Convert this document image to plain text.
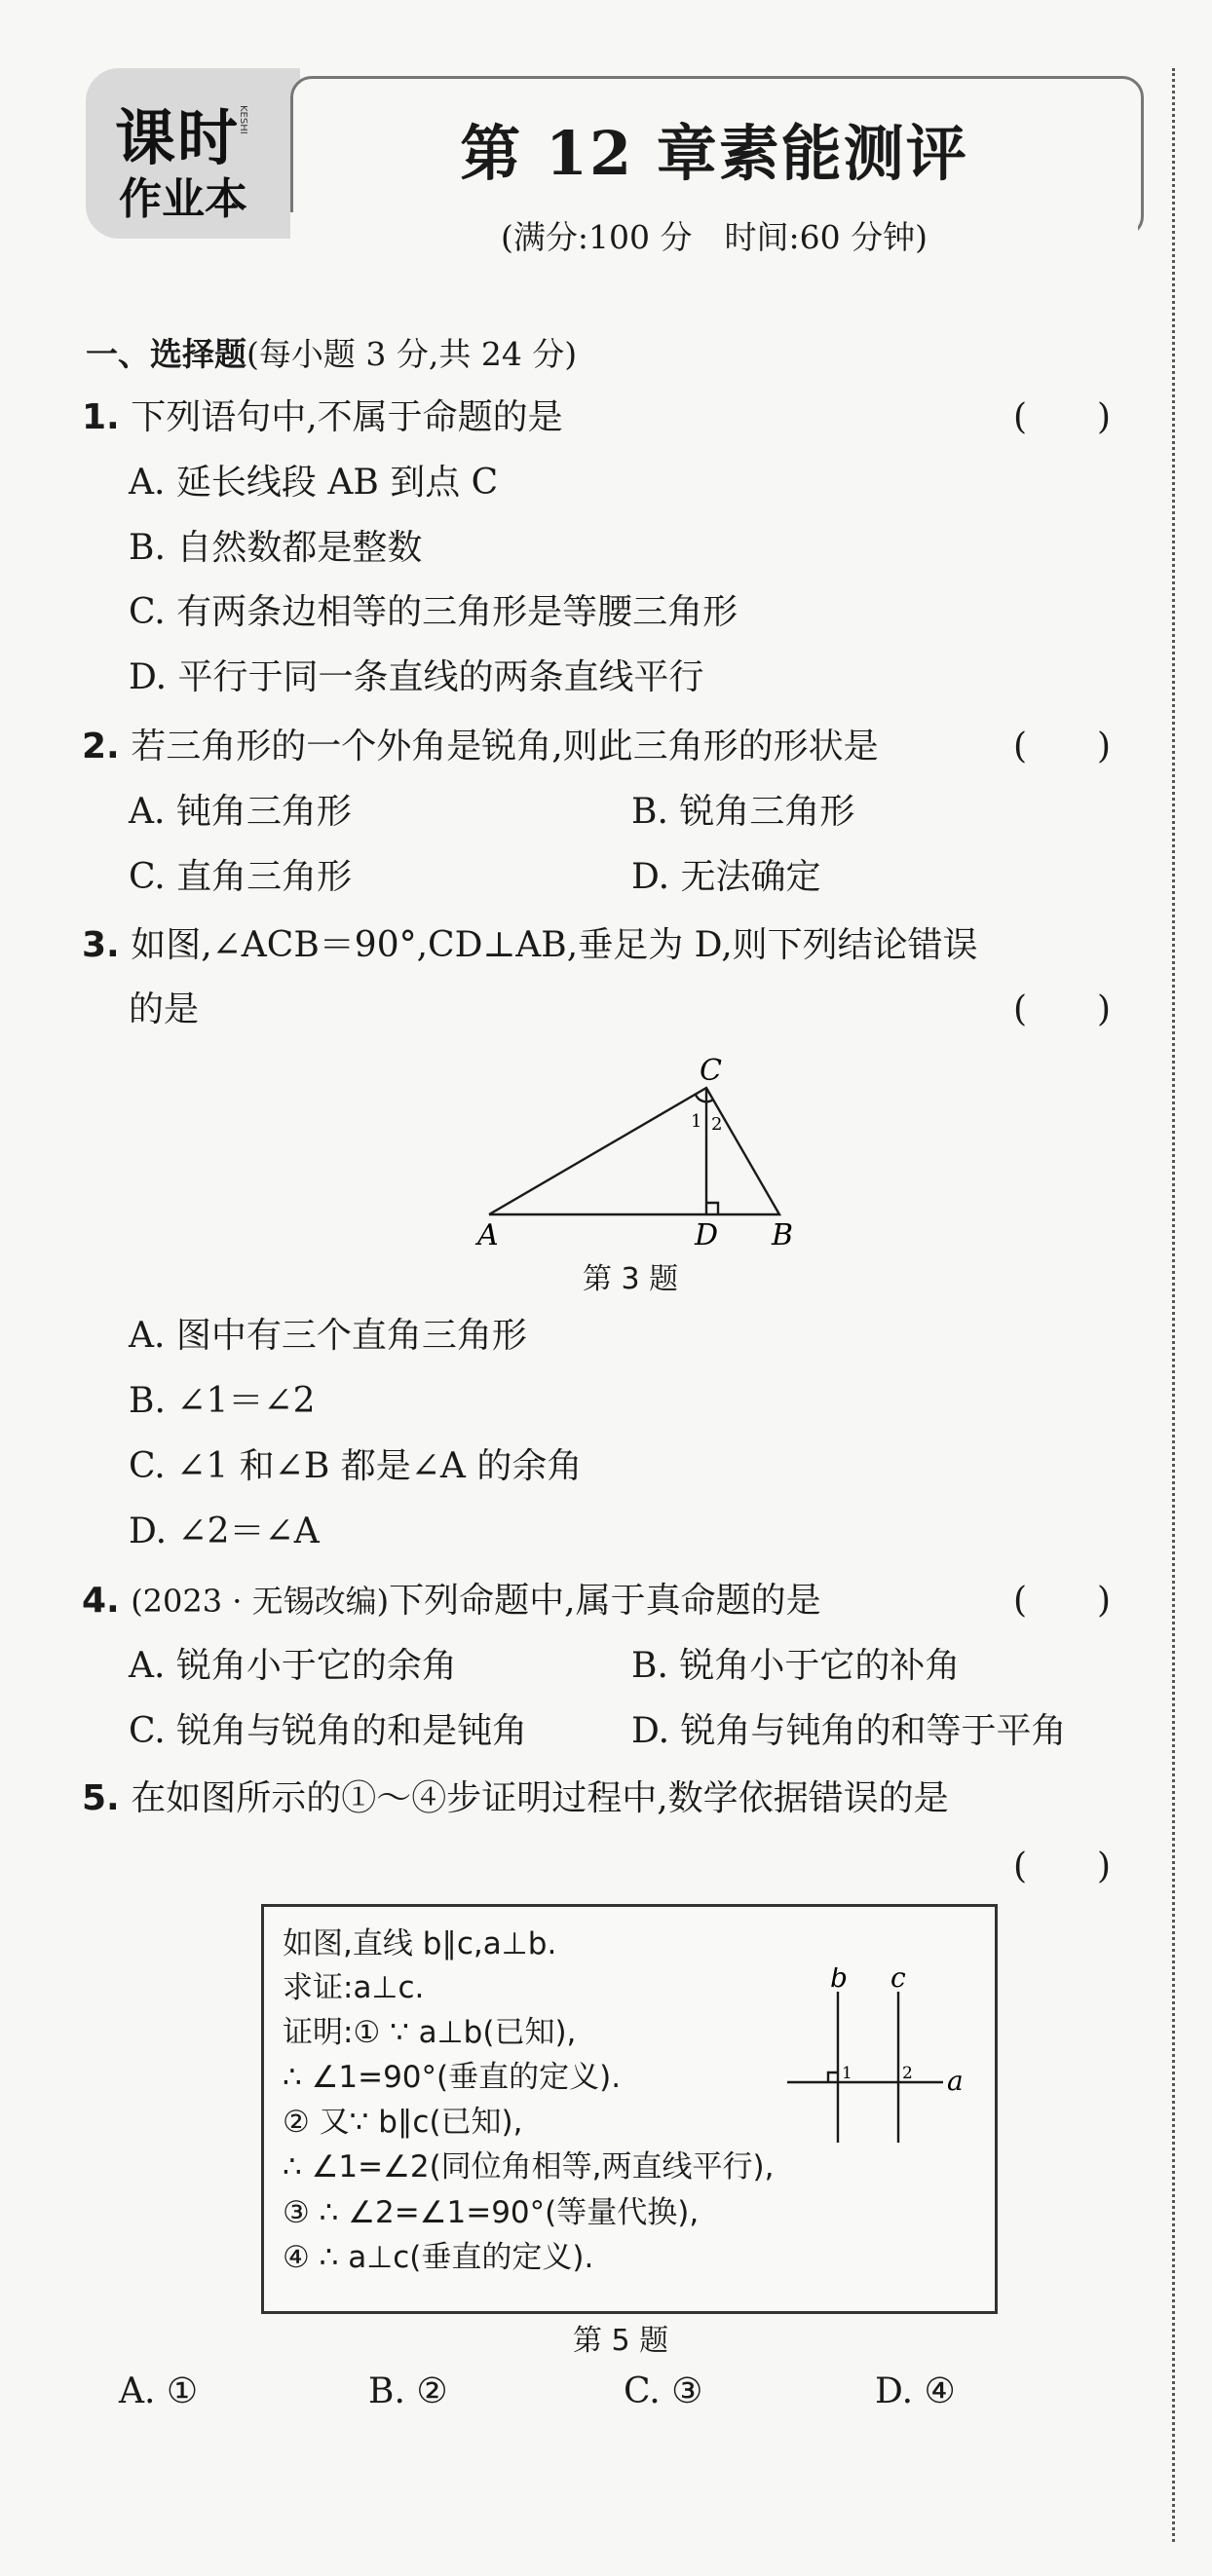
课时
作业本
KESHI	第 12 章素能测评
(满分:100 分　时间:60 分钟)
一、选择题(每小题 3 分,共 24 分)
1. 下列语句中,不属于命题的是	(　　)
A. 延长线段 AB 到点 C
B. 自然数都是整数
C. 有两条边相等的三角形是等腰三角形
D. 平行于同一条直线的两条直线平行
2. 若三角形的一个外角是锐角,则此三角形的形状是	(　　)
A. 钝角三角形	B. 锐角三角形
C. 直角三角形	D. 无法确定
3. 如图,∠ACB＝90°,CD⊥AB,垂足为 D,则下列结论错误
的是	(　　)
C
A	D B
1 2
第 3 题
A. 图中有三个直角三角形
B. ∠1＝∠2
C. ∠1 和∠B 都是∠A 的余角
D. ∠2＝∠A
4. (2023 · 无锡改编)下列命题中,属于真命题的是	(　　)
A. 锐角小于它的余角	B. 锐角小于它的补角
C. 锐角与锐角的和是钝角	D. 锐角与钝角的和等于平角
5. 在如图所示的①～④步证明过程中,数学依据错误的是
(　　)
如图,直线 b∥c,a⊥b.
求证:a⊥c.
证明:① ∵ a⊥b(已知),
∴ ∠1=90°(垂直的定义).
② 又∵ b∥c(已知),
∴ ∠1=∠2(同位角相等,两直线平行),
③ ∴ ∠2=∠1=90°(等量代换),
④ ∴ a⊥c(垂直的定义).
b c
a
1	2
第 5 题
A. ①	B. ②	C. ③	D. ④
